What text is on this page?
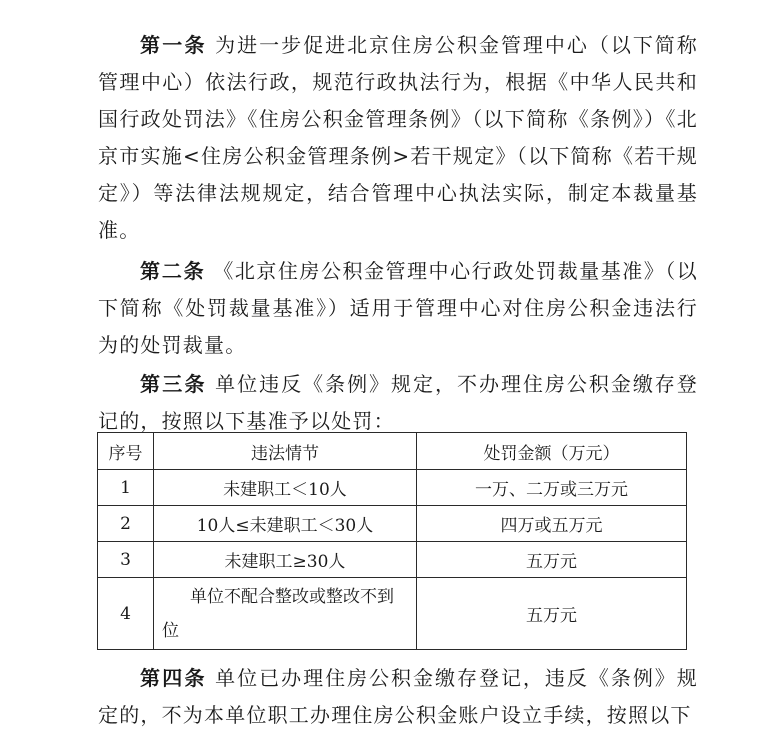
第一条 为进一步促进北京住房公积金管理中心（以下简称管理中心）依法行政，规范行政执法行为，根据《中华人民共和国行政处罚法》《住房公积金管理条例》（以下简称《条例》）《北京市实施<住房公积金管理条例>若干规定》（以下简称《若干规定》）等法律法规规定，结合管理中心执法实际，制定本裁量基准。

第二条 《北京住房公积金管理中心行政处罚裁量基准》（以下简称《处罚裁量基准》）适用于管理中心对住房公积金违法行为的处罚裁量。

第三条 单位违反《条例》规定，不办理住房公积金缴存登记的，按照以下基准予以处罚：

序号	违法情节	处罚金额（万元）
1	未建职工＜10人	一万、二万或三万元
2	10人≤未建职工＜30人	四万或五万元
3	未建职工≥30人	五万元
4	单位不配合整改或整改不到位	五万元

第四条 单位已办理住房公积金缴存登记，违反《条例》规定的，不为本单位职工办理住房公积金账户设立手续，按照以下
